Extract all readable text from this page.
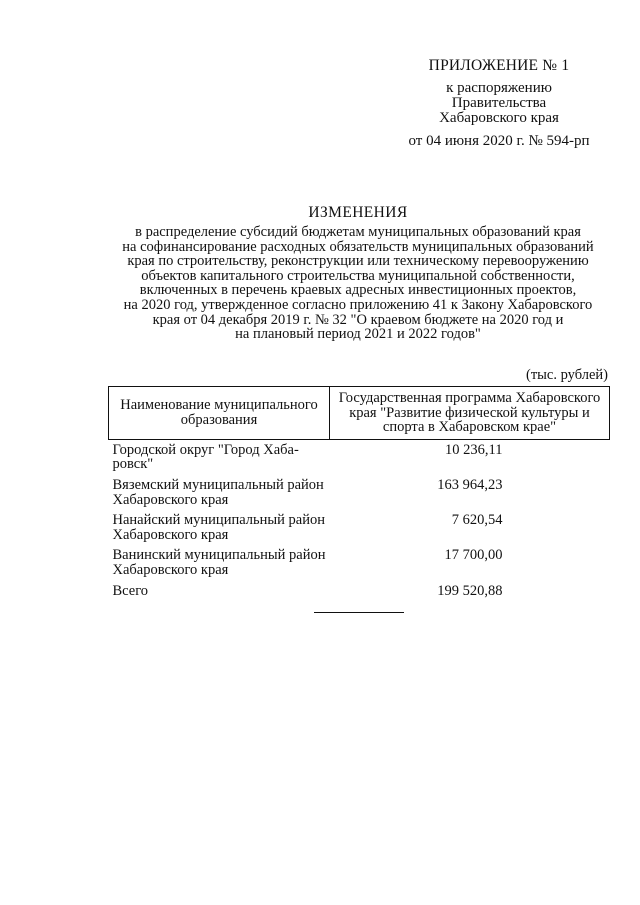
ПРИЛОЖЕНИЕ № 1
к распоряжению
Правительства
Хабаровского края
от 04 июня 2020 г. № 594-рп
ИЗМЕНЕНИЯ
в распределение субсидий бюджетам муниципальных образований края
на софинансирование расходных обязательств муниципальных образований
края по строительству, реконструкции или техническому перевооружению
объектов капитального строительства муниципальной собственности,
включенных в перечень краевых адресных инвестиционных проектов,
на 2020 год, утвержденное согласно приложению 41 к Закону Хабаровского
края от 04 декабря 2019 г. № 32 "О краевом бюджете на 2020 год и
на плановый период 2021 и 2022 годов"
(тыс. рублей)
Наименование муниципального образования	Государственная программа Хабаровского края "Развитие физической культуры и спорта в Хабаровском крае"
Городской округ "Город Хаба-ровск"	10 236,11
Вяземский муниципальный район Хабаровского края	163 964,23
Нанайский муниципальный район Хабаровского края	7 620,54
Ванинский муниципальный район Хабаровского края	17 700,00
Всего	199 520,88
